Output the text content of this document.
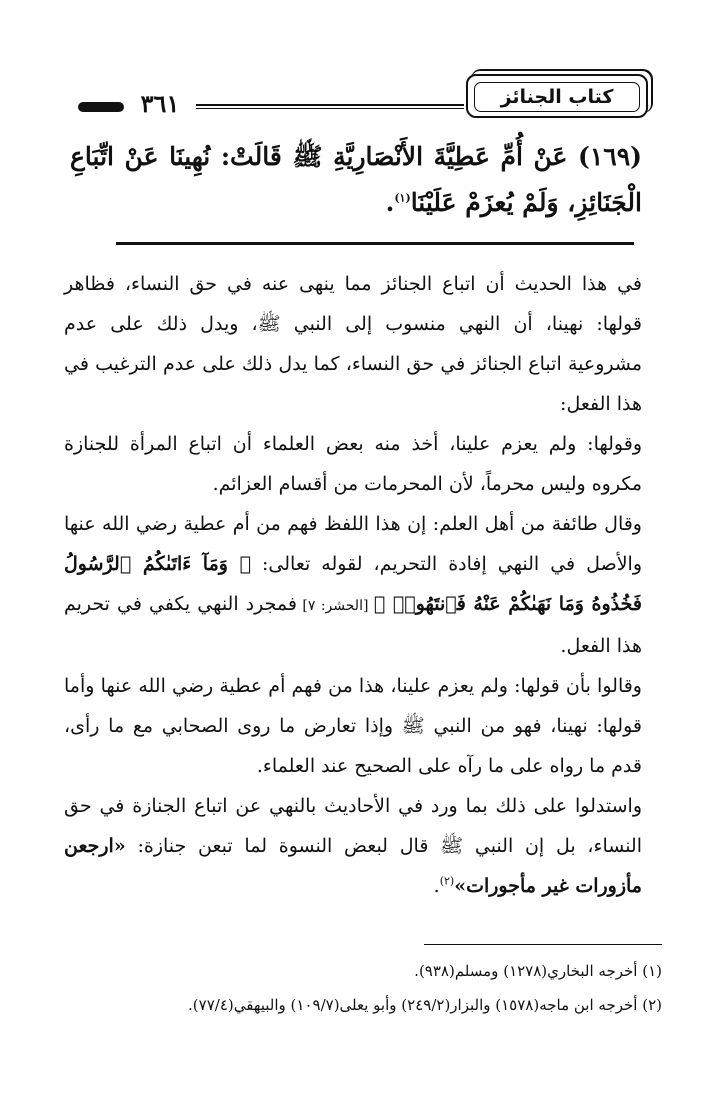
كتاب الجنائز
٣٦١
(١٦٩) عَنْ أُمِّ عَطِيَّةَ الأَنْصَارِيَّةِ ﷺ قَالَتْ: نُهِينَا عَنْ اتِّبَاعِ الْجَنَائِزِ، وَلَمْ يُعزَمْ عَلَيْنَا$^{(١)}$.

في هذا الحديث أن اتباع الجنائز مما ينهى عنه في حق النساء، فظاهر قولها: نهينا، أن النهي منسوب إلى النبي ﷺ، ويدل ذلك على عدم مشروعية اتباع الجنائز في حق النساء، كما يدل ذلك على عدم الترغيب في هذا الفعل:

وقولها: ولم يعزم علينا، أخذ منه بعض العلماء أن اتباع المرأة للجنازة مكروه وليس محرماً، لأن المحرمات من أقسام العزائم.

وقال طائفة من أهل العلم: إن هذا اللفظ فهم من أم عطية رضي الله عنها والأصل في النهي إفادة التحريم، لقوله تعالى: ﴿ وَمَآ ءَاتَىٰكُمُ ٱلرَّسُولُ فَخُذُوهُ وَمَا نَهَىٰكُمْ عَنْهُ فَٱنتَهُوا۟ ﴾ [الحشر: ٧] فمجرد النهي يكفي في تحريم هذا الفعل.

وقالوا بأن قولها: ولم يعزم علينا، هذا من فهم أم عطية رضي الله عنها وأما قولها: نهينا، فهو من النبي ﷺ وإذا تعارض ما روى الصحابي مع ما رأى، قدم ما رواه على ما رآه على الصحيح عند العلماء.

واستدلوا على ذلك بما ورد في الأحاديث بالنهي عن اتباع الجنازة في حق النساء، بل إن النبي ﷺ قال لبعض النسوة لما تبعن جنازة: «ارجعن مأزورات غير مأجورات»$^{(٢)}$.

(١) أخرجه البخاري(١٢٧٨) ومسلم(٩٣٨).
(٢) أخرجه ابن ماجه(١٥٧٨) والبزار(٢٤٩/٢) وأبو يعلى(١٠٩/٧) والبيهقي(٧٧/٤).
